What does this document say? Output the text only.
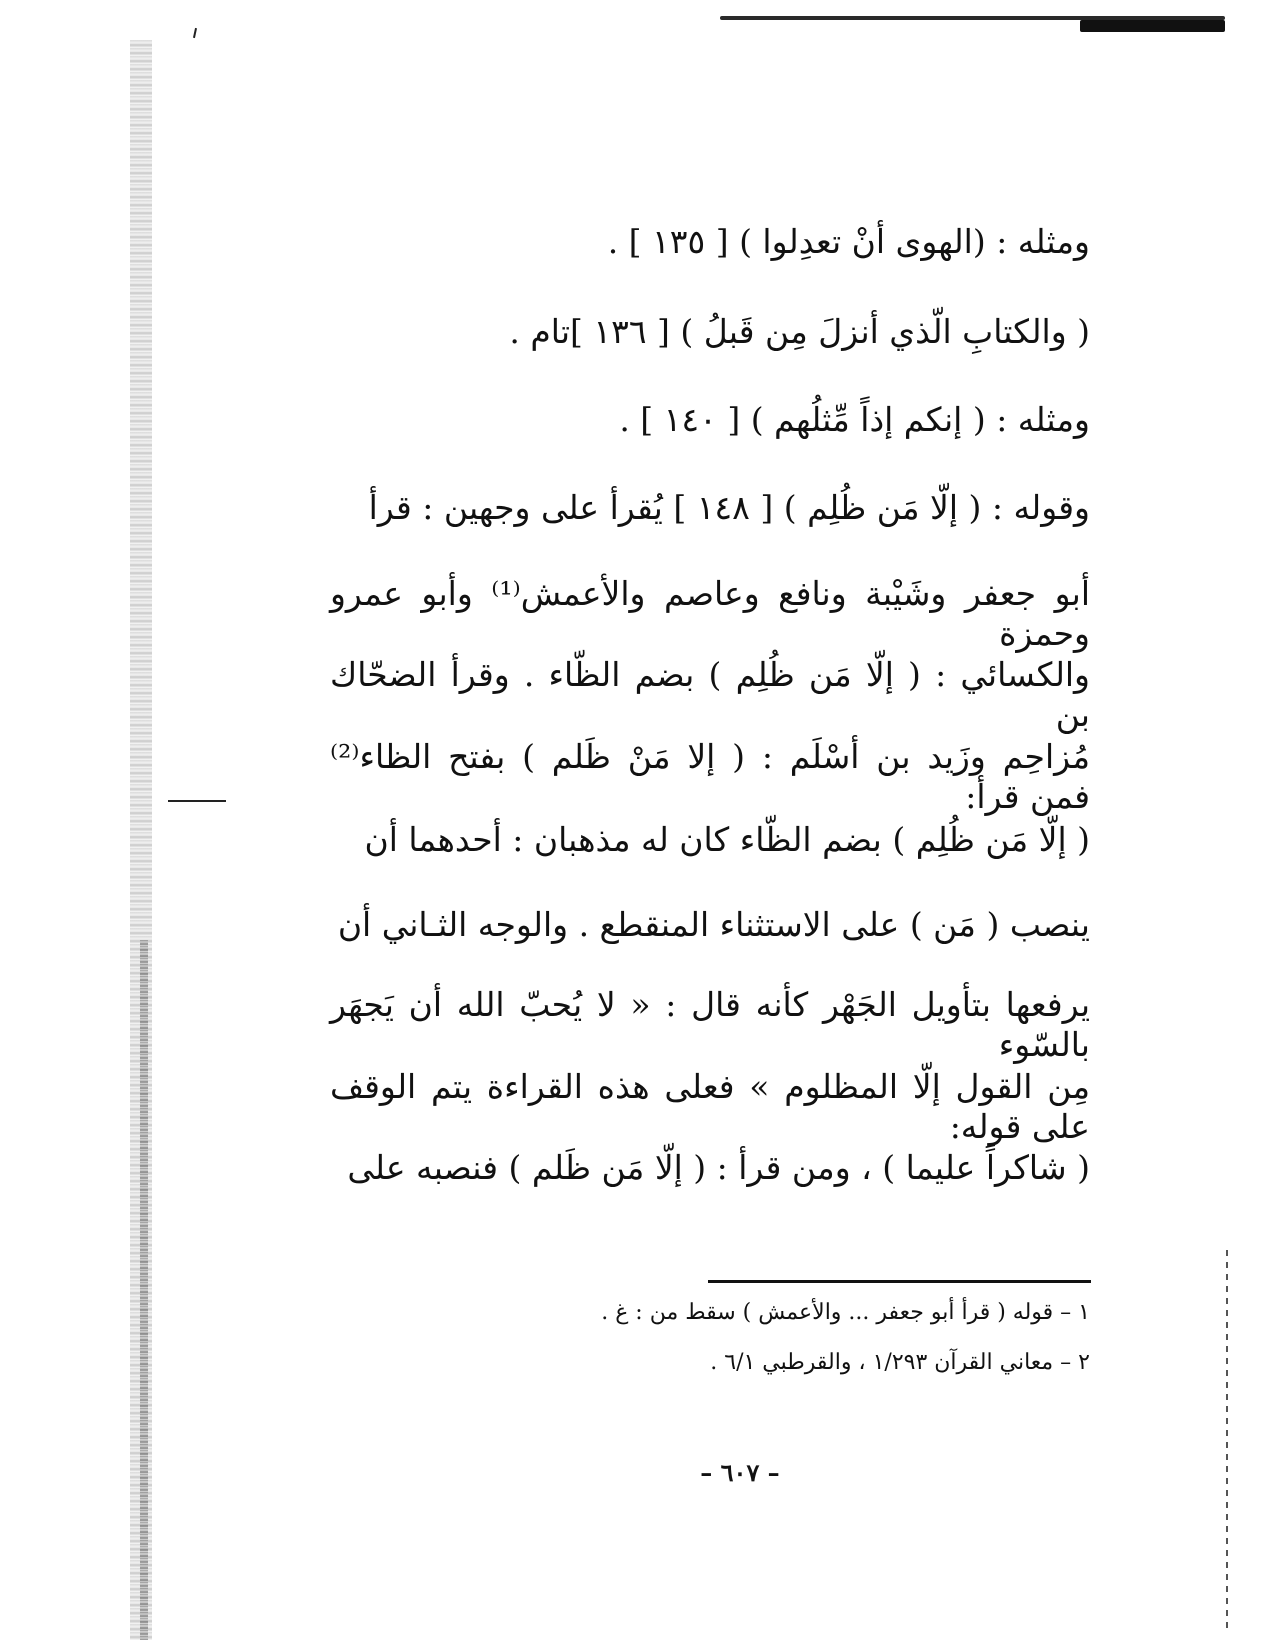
ومثله : (الهوى أنْ تعدِلوا ) [ ١٣٥ ] .

( والكتابِ الّذي أنزلَ مِن قَبلُ ) [ ١٣٦ ]تام .

ومثله : ( إنكم إذاً مِّثلُهم ) [ ١٤٠ ] .

وقوله : ( إلّا مَن ظُلِم ) [ ١٤٨ ] يُقرأ على وجهين : قرأ

أبو جعفر وشَيْبة ونافع وعاصم والأعمش⁽¹⁾ وأبو عمرو وحمزة

والكسائي : ( إلّا مَن ظُلِم ) بضم الظّاء . وقرأ الضحّاك بن

مُزاحِم وزَيد بن أسْلَم : ( إلا مَنْ ظَلم ) بفتح الظاء⁽²⁾ فمن قرأ:

( إلّا مَن ظُلِم ) بضم الظّاء كان له مذهبان : أحدهما أن

ينصب ( مَن ) على الاستثناء المنقطع . والوجه الثـاني أن

يرفعها بتأويل الجَهْر كأنه قال : « لا يُحبّ الله أن يَجهَر بالسّوء

مِن القول إلّا المظلوم » فعلى هذه القراءة يتم الوقف على قوله:

( شاكراً عليما ) ، ومن قرأ : ( إلّا مَن ظَلم ) فنصبه على

١ – قوله ( قرأ أبو جعفر ... والأعمش ) سقط من : غ .

٢ – معاني القرآن ١/٢٩٣ ، والقرطبي ٦/١ .

– ٦٠٧ –
